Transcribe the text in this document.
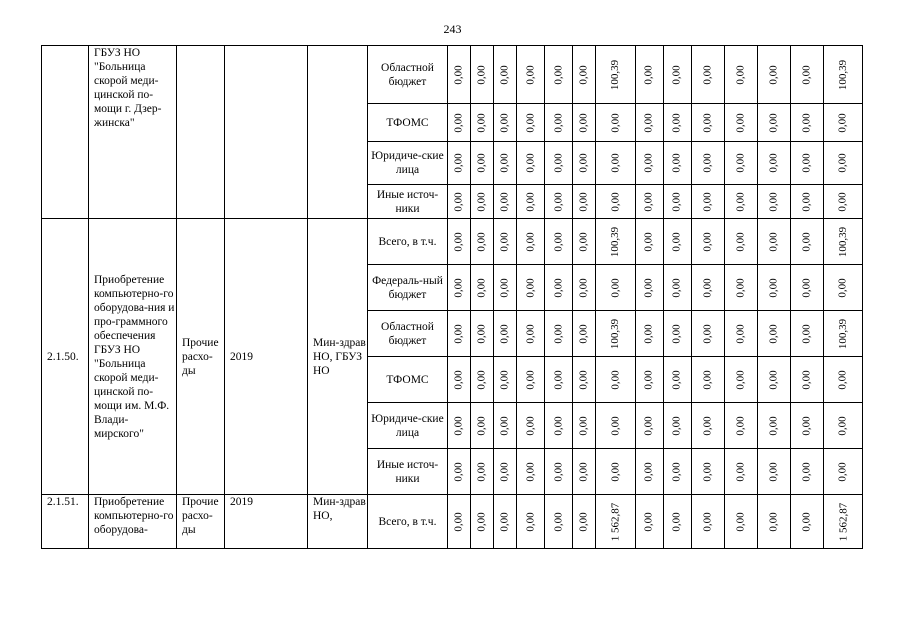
243
	ГБУЗ НО "Больница скорой меди-цинской по-мощи г. Дзер-жинска"				Областной бюджет	0,00	0,00	0,00	0,00	0,00	0,00	100,39	0,00	0,00	0,00	0,00	0,00	0,00	100,39
					ТФОМС	0,00	0,00	0,00	0,00	0,00	0,00	0,00	0,00	0,00	0,00	0,00	0,00	0,00	0,00
					Юридиче-ские лица	0,00	0,00	0,00	0,00	0,00	0,00	0,00	0,00	0,00	0,00	0,00	0,00	0,00	0,00
					Иные источ-ники	0,00	0,00	0,00	0,00	0,00	0,00	0,00	0,00	0,00	0,00	0,00	0,00	0,00	0,00
2.1.50.	Приобретение компьютерно-го оборудова-ния и про-граммного обеспечения ГБУЗ НО "Больница скорой меди-цинской по-мощи им. М.Ф. Влади-мирского"	Прочие расхо-ды	2019	Мин-здрав НО, ГБУЗ НО	Всего, в т.ч.	0,00	0,00	0,00	0,00	0,00	0,00	100,39	0,00	0,00	0,00	0,00	0,00	0,00	100,39
					Федераль-ный бюджет	0,00	0,00	0,00	0,00	0,00	0,00	0,00	0,00	0,00	0,00	0,00	0,00	0,00	0,00
					Областной бюджет	0,00	0,00	0,00	0,00	0,00	0,00	100,39	0,00	0,00	0,00	0,00	0,00	0,00	100,39
					ТФОМС	0,00	0,00	0,00	0,00	0,00	0,00	0,00	0,00	0,00	0,00	0,00	0,00	0,00	0,00
					Юридиче-ские лица	0,00	0,00	0,00	0,00	0,00	0,00	0,00	0,00	0,00	0,00	0,00	0,00	0,00	0,00
					Иные источ-ники	0,00	0,00	0,00	0,00	0,00	0,00	0,00	0,00	0,00	0,00	0,00	0,00	0,00	0,00
2.1.51.	Приобретение компьютерно-го оборудова-	Прочие расхо-ды	2019	Мин-здрав НО,	Всего, в т.ч.	0,00	0,00	0,00	0,00	0,00	0,00	1 562,87	0,00	0,00	0,00	0,00	0,00	0,00	1 562,87
